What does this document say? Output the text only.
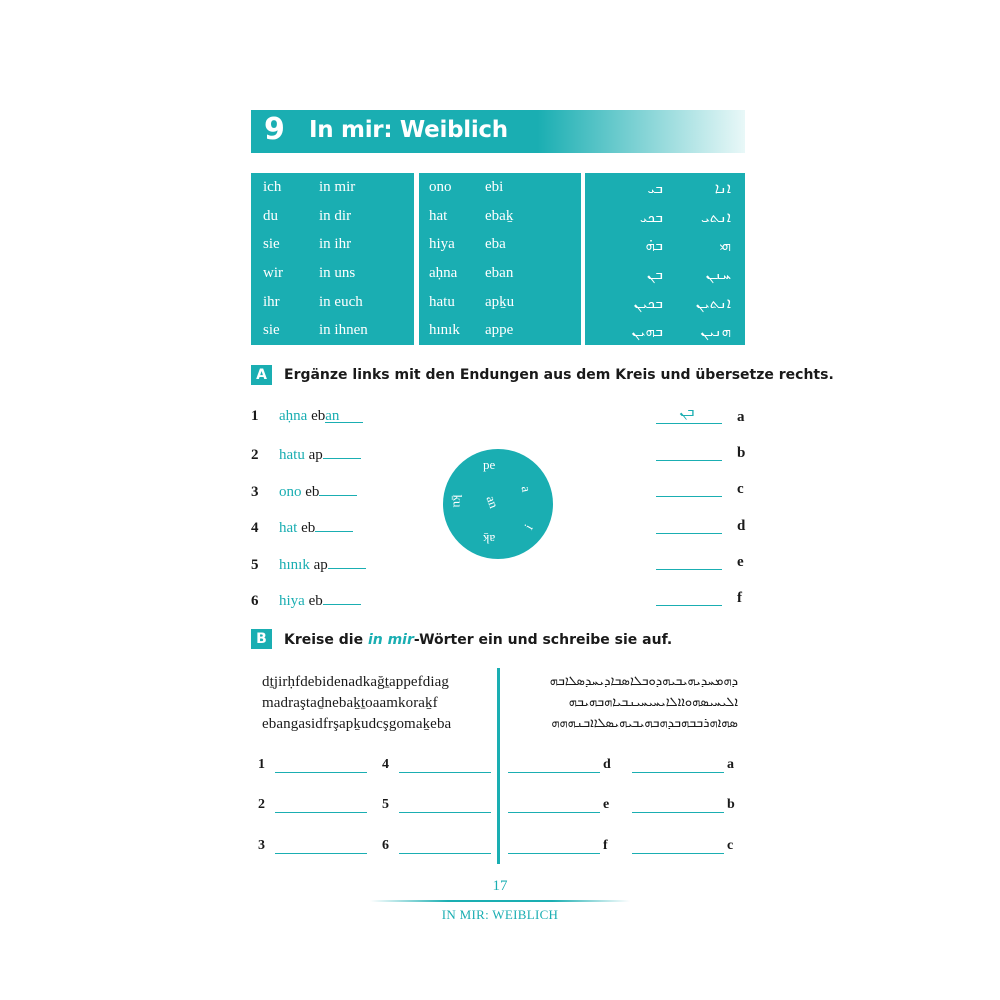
9 In mir: Weiblich
ich	in mir
du	in dir
sie	in ihr
wir in uns
ihr	in euch
sie	in ihnen
ono ebi
hat	ebaḵ
hiya eba
aḥna eban
hatu apḵu
hınık appe
ܒܝ	ܐܢܐ
ܒܟܝ	ܐܢܬܝ
ܒܗ̇	ܗܝ
ܒܢ	ܚܢܢ
ܒܟܝܢ ܐܢܬܝܢ
ܒܗܝܢ ܗܢܝܢ
A	Ergänze links mit den Endungen aus dem Kreis und übersetze rechts.
1 aḥna eban
2 hatu ap
3 ono eb
4 hat eb
5 hınık ap
6 hiya eb
pe
a
an
ḵu
i
aḵ
ܒܢ	a
b
c
d
e
f
B	Kreise die in mir-Wörter ein und schreibe sie auf.
dṯjirḥfdebidenadkağṯappefdiag
madraştaḏnebaḵṯoaamkoraḵf
ebangasidfrşapḵudcşgomaḵeba
ܕܗܡܚܕܝܗܝܒܝܗܕܘܒܠܐܣܒܐܕܝܚܕܣܠܐܒܗ
ܐܠܝܚܝܣܗܘܐܐܠܐܝܚܝܚܝܢܒܝܐܗܒܗܝܒܗ
ܣܗܐܗܪܒܒܗܒܕܗܒܗܝܒܝܗܝܣܠܐܐܒܢܗܗܗ
1
2
3
4
5
6
d
e
f
a
b
c
17
IN MIR: WEIBLICH
